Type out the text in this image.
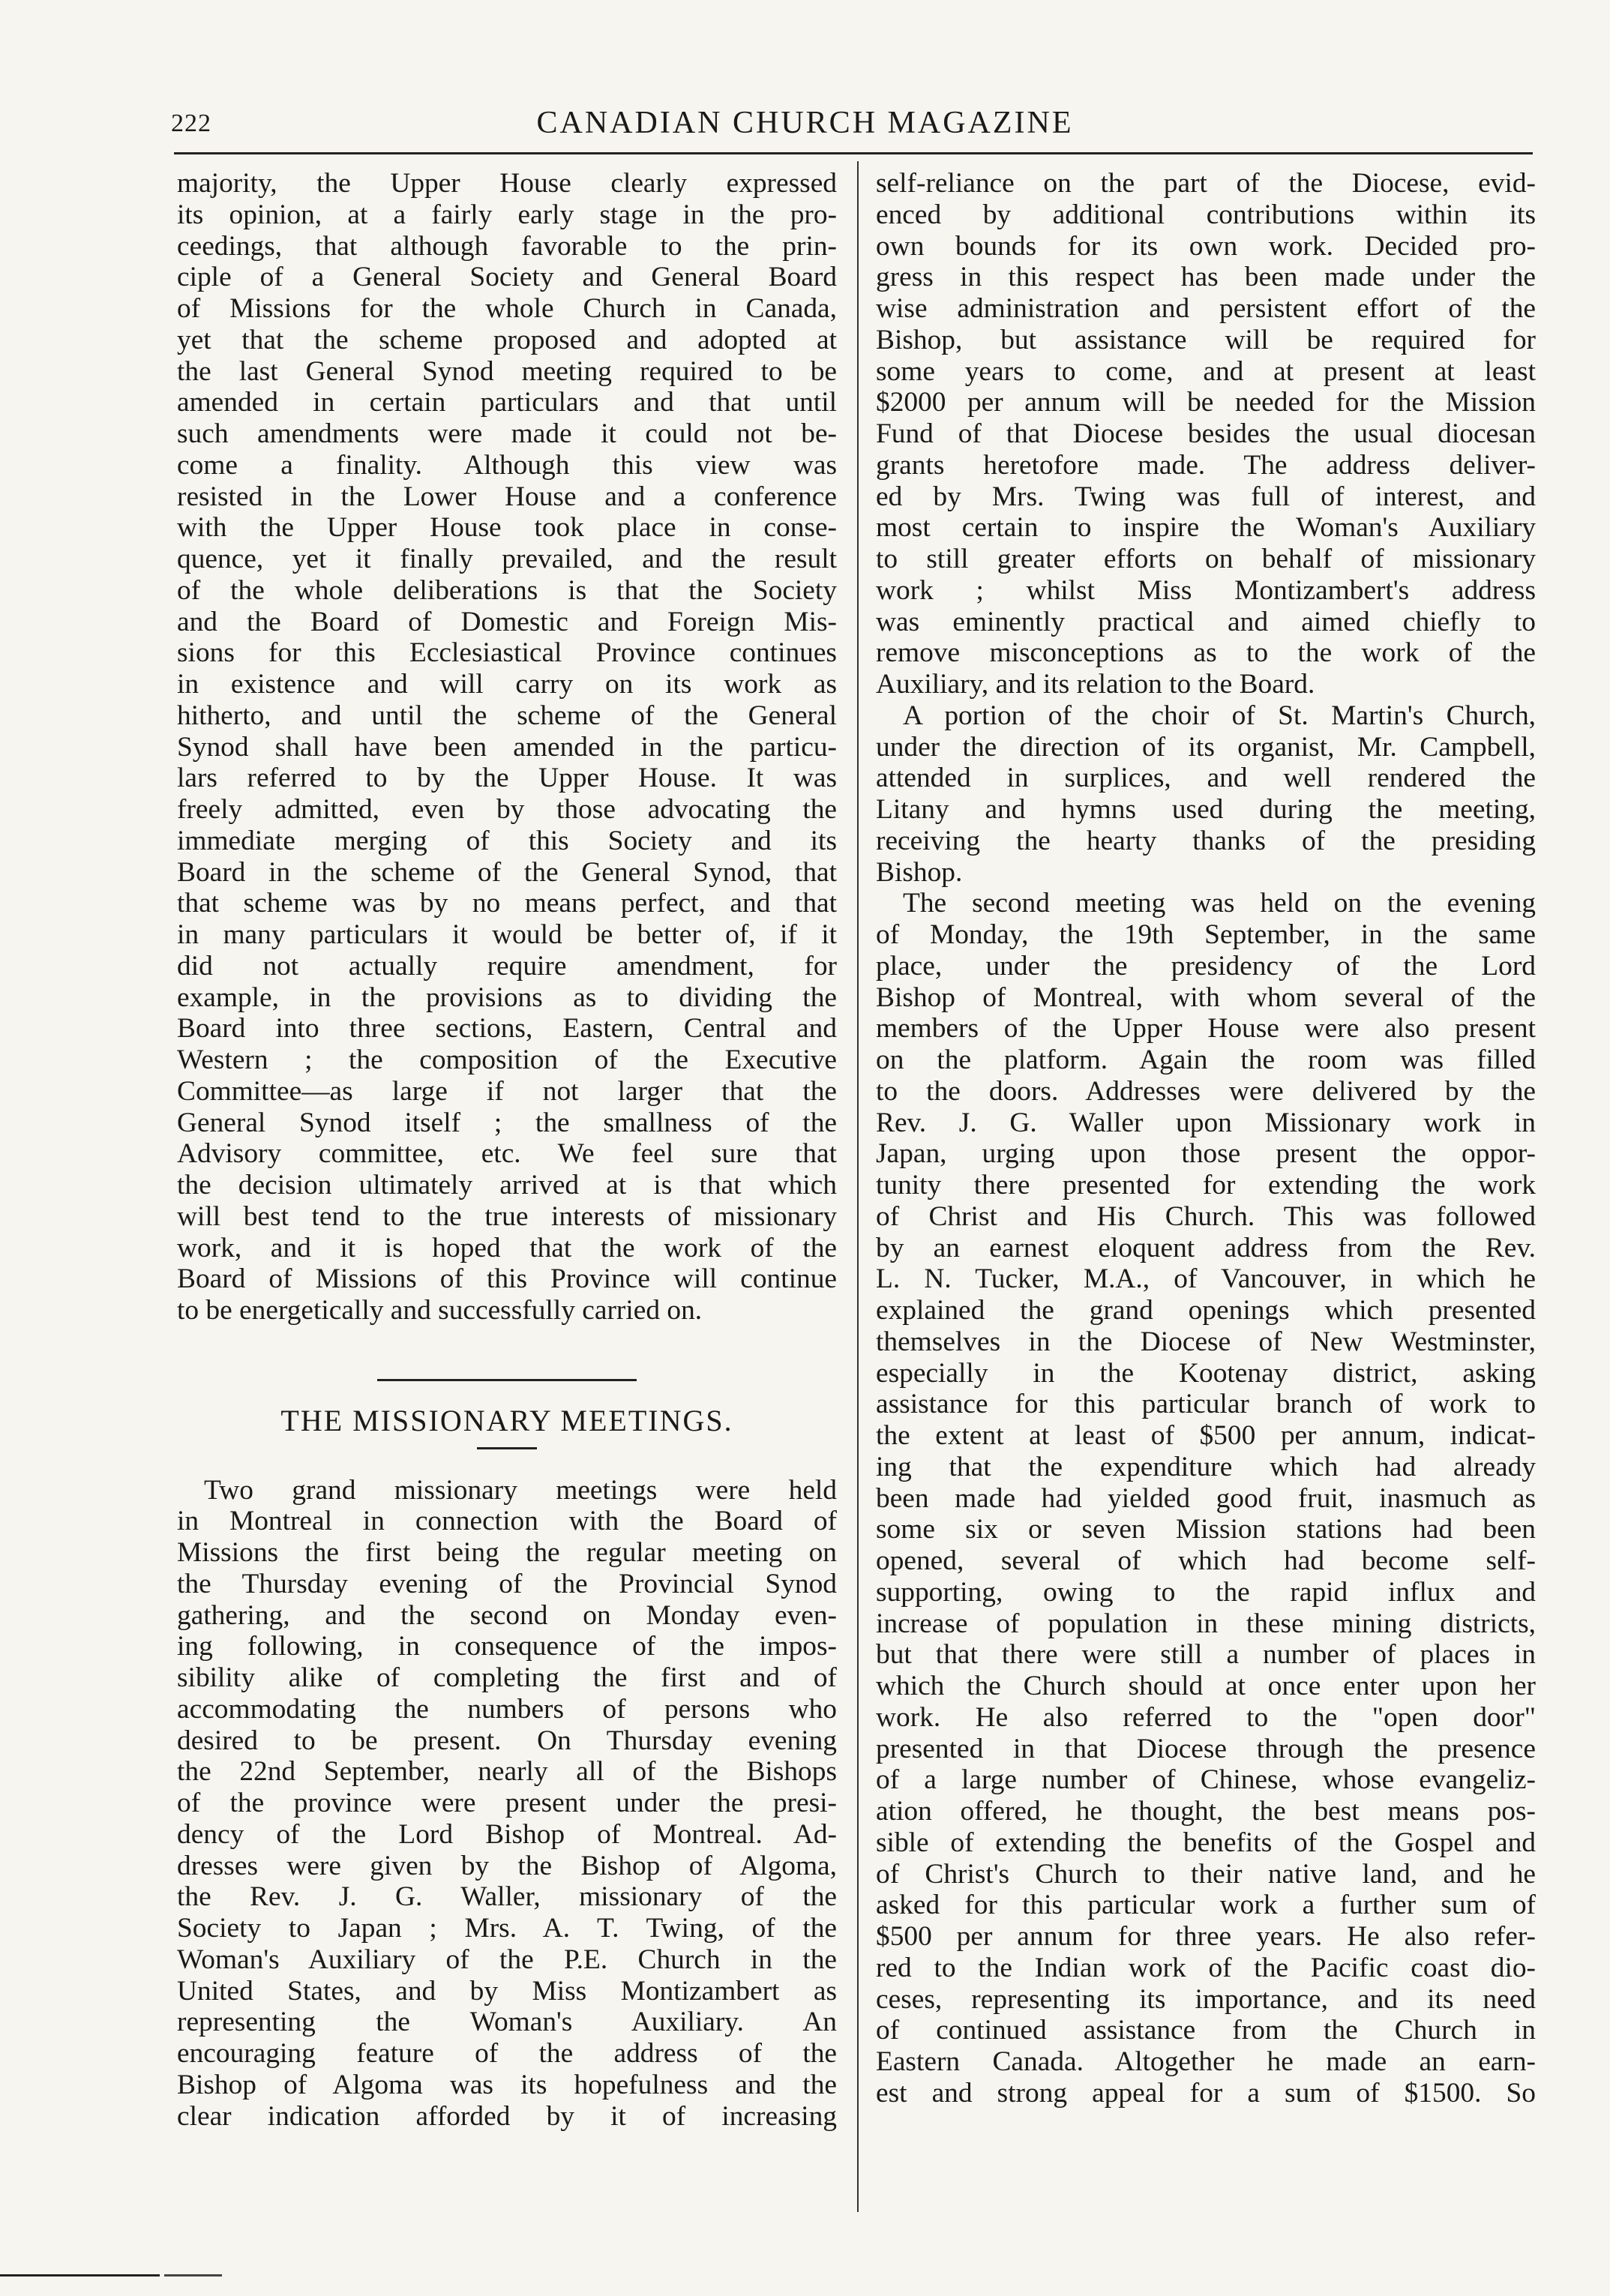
222	CANADIAN CHURCH MAGAZINE
majority, the Upper House clearly expressed
its opinion, at a fairly early stage in the pro-
ceedings, that although favorable to the prin-
ciple of a General Society and General Board
of Missions for the whole Church in Canada,
yet that the scheme proposed and adopted at
the last General Synod meeting required to be
amended in certain particulars and that until
such amendments were made it could not be-
come a finality. Although this view was
resisted in the Lower House and a conference
with the Upper House took place in conse-
quence, yet it finally prevailed, and the result
of the whole deliberations is that the Society
and the Board of Domestic and Foreign Mis-
sions for this Ecclesiastical Province continues
in existence and will carry on its work as
hitherto, and until the scheme of the General
Synod shall have been amended in the particu-
lars referred to by the Upper House. It was
freely admitted, even by those advocating the
immediate merging of this Society and its
Board in the scheme of the General Synod, that
that scheme was by no means perfect, and that
in many particulars it would be better of, if it
did not actually require amendment, for
example, in the provisions as to dividing the
Board into three sections, Eastern, Central and
Western ; the composition of the Executive
Committee—as large if not larger that the
General Synod itself ; the smallness of the
Advisory committee, etc. We feel sure that
the decision ultimately arrived at is that which
will best tend to the true interests of missionary
work, and it is hoped that the work of the
Board of Missions of this Province will continue
to be energetically and successfully carried on.
THE MISSIONARY MEETINGS.
Two grand missionary meetings were held
in Montreal in connection with the Board of
Missions the first being the regular meeting on
the Thursday evening of the Provincial Synod
gathering, and the second on Monday even-
ing following, in consequence of the impos-
sibility alike of completing the first and of
accommodating the numbers of persons who
desired to be present. On Thursday evening
the 22nd September, nearly all of the Bishops
of the province were present under the presi-
dency of the Lord Bishop of Montreal. Ad-
dresses were given by the Bishop of Algoma,
the Rev. J. G. Waller, missionary of the
Society to Japan ; Mrs. A. T. Twing, of the
Woman's Auxiliary of the P.E. Church in the
United States, and by Miss Montizambert as
representing the Woman's Auxiliary. An
encouraging feature of the address of the
Bishop of Algoma was its hopefulness and the
clear indication afforded by it of increasing
self-reliance on the part of the Diocese, evid-
enced by additional contributions within its
own bounds for its own work. Decided pro-
gress in this respect has been made under the
wise administration and persistent effort of the
Bishop, but assistance will be required for
some years to come, and at present at least
$2000 per annum will be needed for the Mission
Fund of that Diocese besides the usual diocesan
grants heretofore made. The address deliver-
ed by Mrs. Twing was full of interest, and
most certain to inspire the Woman's Auxiliary
to still greater efforts on behalf of missionary
work ; whilst Miss Montizambert's address
was eminently practical and aimed chiefly to
remove misconceptions as to the work of the
Auxiliary, and its relation to the Board.
A portion of the choir of St. Martin's Church,
under the direction of its organist, Mr. Campbell,
attended in surplices, and well rendered the
Litany and hymns used during the meeting,
receiving the hearty thanks of the presiding
Bishop.
The second meeting was held on the evening
of Monday, the 19th September, in the same
place, under the presidency of the Lord
Bishop of Montreal, with whom several of the
members of the Upper House were also present
on the platform. Again the room was filled
to the doors. Addresses were delivered by the
Rev. J. G. Waller upon Missionary work in
Japan, urging upon those present the oppor-
tunity there presented for extending the work
of Christ and His Church. This was followed
by an earnest eloquent address from the Rev.
L. N. Tucker, M.A., of Vancouver, in which he
explained the grand openings which presented
themselves in the Diocese of New Westminster,
especially in the Kootenay district, asking
assistance for this particular branch of work to
the extent at least of $500 per annum, indicat-
ing that the expenditure which had already
been made had yielded good fruit, inasmuch as
some six or seven Mission stations had been
opened, several of which had become self-
supporting, owing to the rapid influx and
increase of population in these mining districts,
but that there were still a number of places in
which the Church should at once enter upon her
work. He also referred to the "open door"
presented in that Diocese through the presence
of a large number of Chinese, whose evangeliz-
ation offered, he thought, the best means pos-
sible of extending the benefits of the Gospel and
of Christ's Church to their native land, and he
asked for this particular work a further sum of
$500 per annum for three years. He also refer-
red to the Indian work of the Pacific coast dio-
ceses, representing its importance, and its need
of continued assistance from the Church in
Eastern Canada. Altogether he made an earn-
est and strong appeal for a sum of $1500. So
